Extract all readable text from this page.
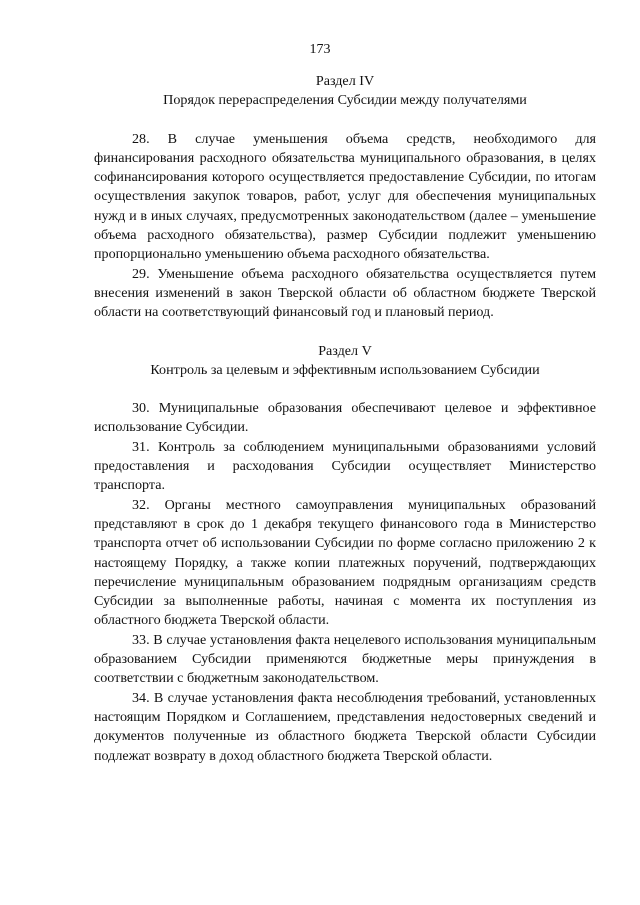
173
Раздел IV
Порядок перераспределения Субсидии между получателями

28. В случае уменьшения объема средств, необходимого для финансирования расходного обязательства муниципального образования, в целях софинансирования которого осуществляется предоставление Субсидии, по итогам осуществления закупок товаров, работ, услуг для обеспечения муниципальных нужд и в иных случаях, предусмотренных законодательством (далее – уменьшение объема расходного обязательства), размер Субсидии подлежит уменьшению пропорционально уменьшению объема расходного обязательства.

29. Уменьшение объема расходного обязательства осуществляется путем внесения изменений в закон Тверской области об областном бюджете Тверской области на соответствующий финансовый год и плановый период.

Раздел V
Контроль за целевым и эффективным использованием Субсидии

30. Муниципальные образования обеспечивают целевое и эффективное использование Субсидии.

31. Контроль за соблюдением муниципальными образованиями условий предоставления и расходования Субсидии осуществляет Министерство транспорта.

32. Органы местного самоуправления муниципальных образований представляют в срок до 1 декабря текущего финансового года в Министерство транспорта отчет об использовании Субсидии по форме согласно приложению 2 к настоящему Порядку, а также копии платежных поручений, подтверждающих перечисление муниципальным образованием подрядным организациям средств Субсидии за выполненные работы, начиная с момента их поступления из областного бюджета Тверской области.

33. В случае установления факта нецелевого использования муниципальным образованием Субсидии применяются бюджетные меры принуждения в соответствии с бюджетным законодательством.

34. В случае установления факта несоблюдения требований, установленных настоящим Порядком и Соглашением, представления недостоверных сведений и документов полученные из областного бюджета Тверской области Субсидии подлежат возврату в доход областного бюджета Тверской области.
